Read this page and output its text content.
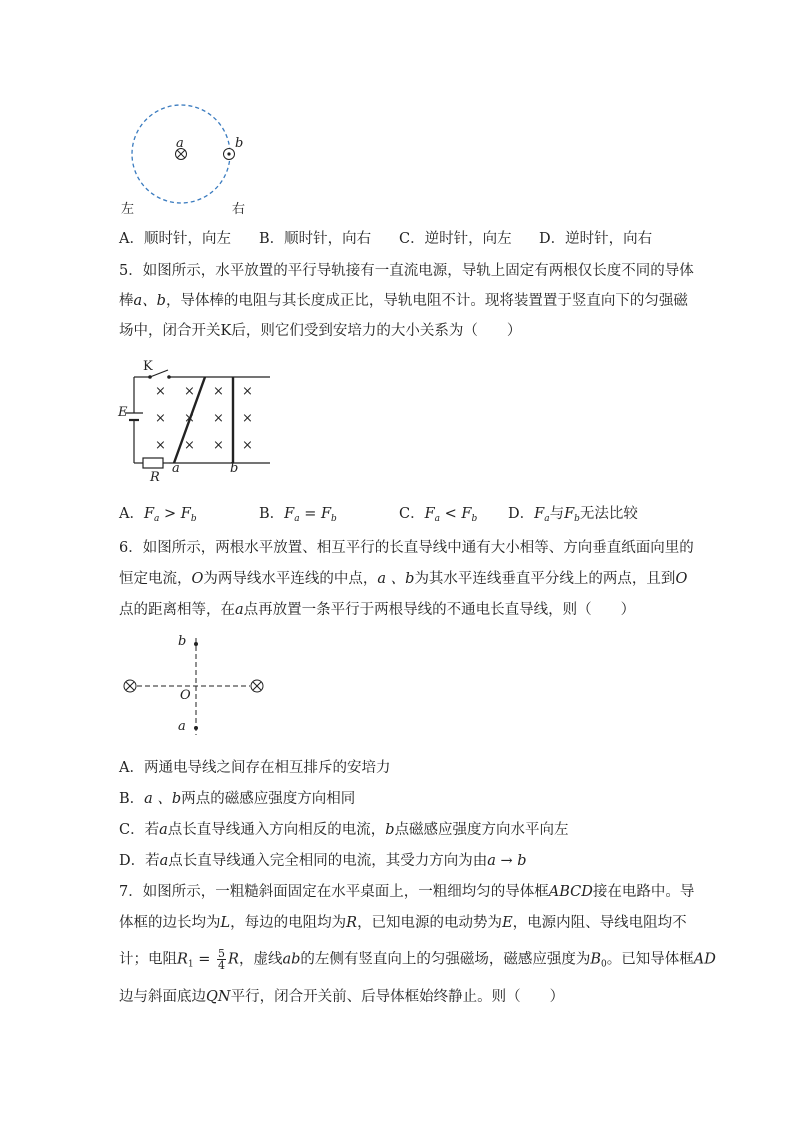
a	b
左	右
A．顺时针，向左 B．顺时针，向右 C．逆时针，向左 D．逆时针，向右
5．如图所示，水平放置的平行导轨接有一直流电源，导轨上固定有两根仅长度不同的导体
棒a、b，导体棒的电阻与其长度成正比，导轨电阻不计。现将装置置于竖直向下的匀强磁
场中，闭合开关K后，则它们受到安培力的大小关系为（　　）
× × × ×
× × × ×
× × × ×
K
E
R
a	b
A．$F_a > F_b$	B．$F_a = F_b$	C．$F_a < F_b$ D．$F_a$与$F_b$无法比较
6．如图所示，两根水平放置、相互平行的长直导线中通有大小相等、方向垂直纸面向里的
恒定电流，O为两导线水平连线的中点，a 、b为其水平连线垂直平分线上的两点，且到O
点的距离相等，在a点再放置一条平行于两根导线的不通电长直导线，则（　　）
b
O
a
A．两通电导线之间存在相互排斥的安培力
B．a 、b两点的磁感应强度方向相同
C．若a点长直导线通入方向相反的电流，b点磁感应强度方向水平向左
D．若a点长直导线通入完全相同的电流，其受力方向为由a → b
7．如图所示，一粗糙斜面固定在水平桌面上，一粗细均匀的导体框ABCD接在电路中。导
体框的边长均为L，每边的电阻均为R，已知电源的电动势为E，电源内阻、导线电阻均不
计；电阻$R_1 = \frac{5}{4}$ R，虚线ab的左侧有竖直向上的匀强磁场，磁感应强度为$B_0$。已知导体框AD
边与斜面底边QN平行，闭合开关前、后导体框始终静止。则（　　）
